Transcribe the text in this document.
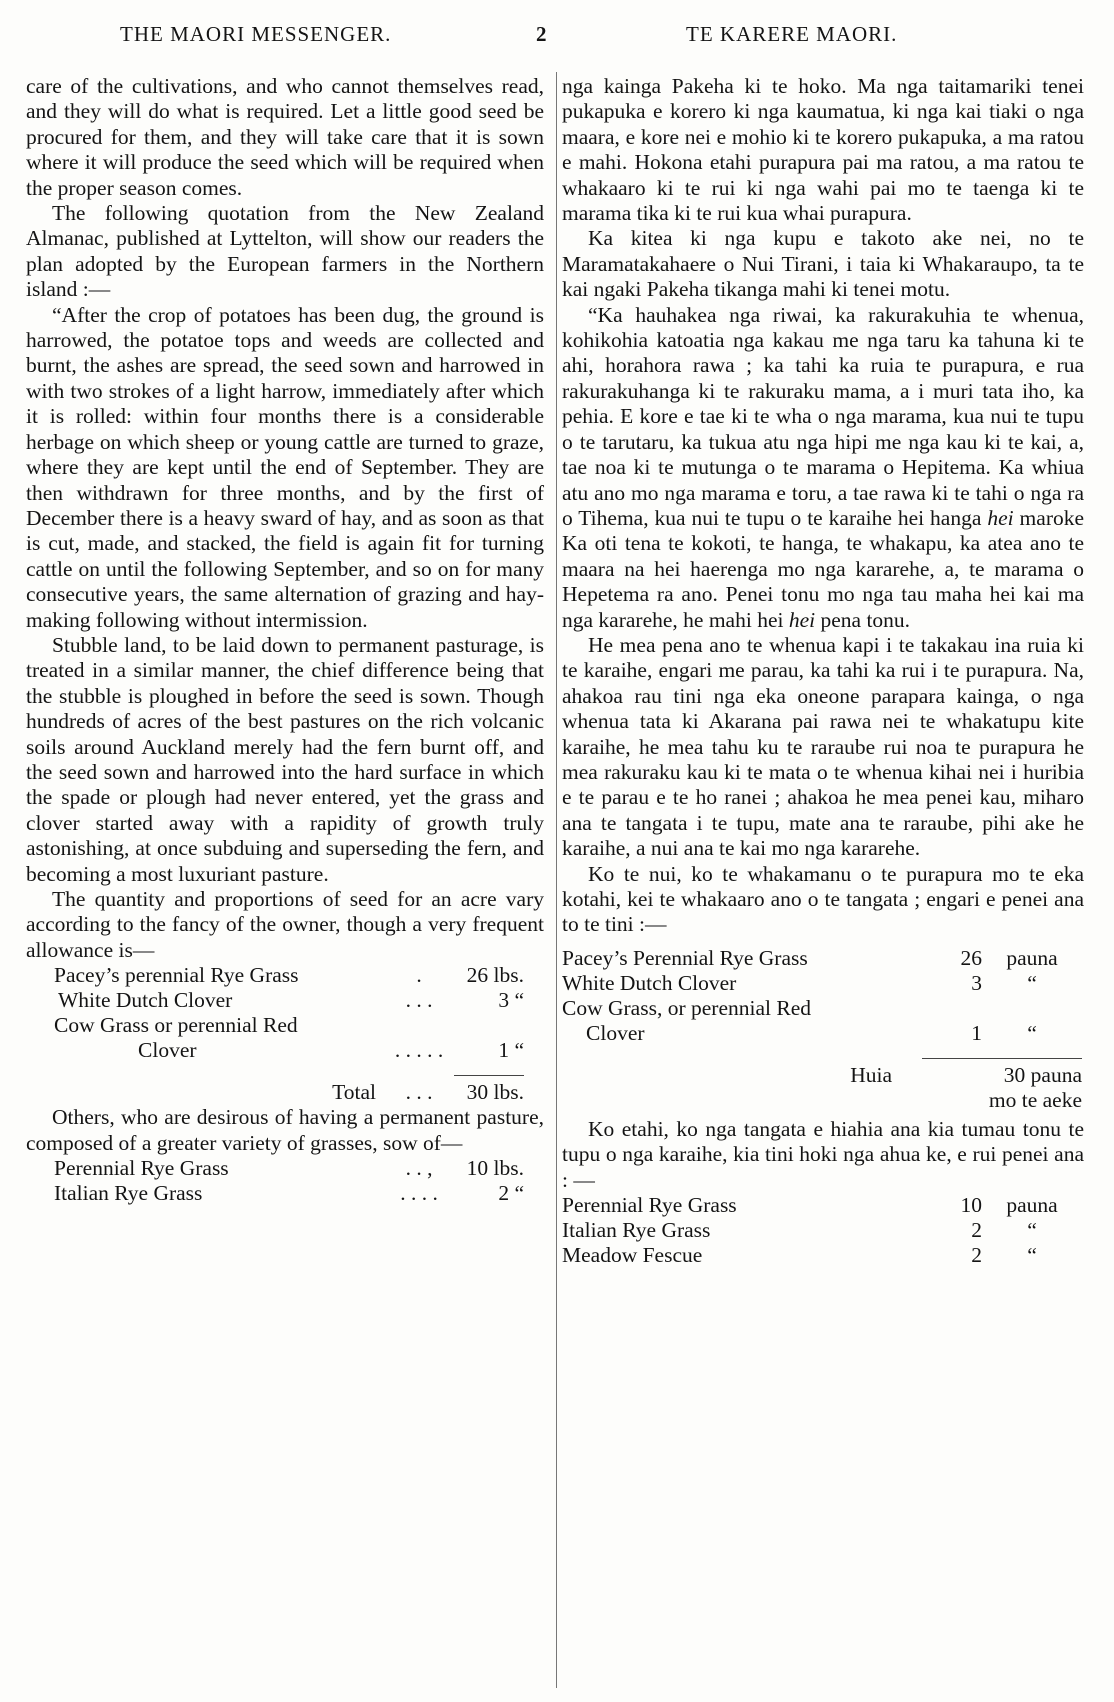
THE MAORI MESSENGER.	2	TE KARERE MAORI.

care of the cultivations, and who cannot themselves read, and they will do what is required. Let a little good seed be procured for them, and they will take care that it is sown where it will produce the seed which will be required when the proper season comes.

The following quotation from the New Zealand Almanac, published at Lyttelton, will show our readers the plan adopted by the European farmers in the Northern island :—

“After the crop of potatoes has been dug, the ground is harrowed, the potatoe tops and weeds are collected and burnt, the ashes are spread, the seed sown and harrowed in with two strokes of a light harrow, immediately after which it is rolled: within four months there is a considerable herbage on which sheep or young cattle are turned to graze, where they are kept until the end of September. They are then withdrawn for three months, and by the first of December there is a heavy sward of hay, and as soon as that is cut, made, and stacked, the field is again fit for turning cattle on until the following September, and so on for many consecutive years, the same alternation of grazing and hay-making following without intermission.

Stubble land, to be laid down to permanent pasturage, is treated in a similar manner, the chief difference being that the stubble is ploughed in before the seed is sown. Though hundreds of acres of the best pastures on the rich volcanic soils around Auckland merely had the fern burnt off, and the seed sown and harrowed into the hard surface in which the spade or plough had never entered, yet the grass and clover started away with a rapidity of growth truly astonishing, at once subduing and superseding the fern, and becoming a most luxuriant pasture.

The quantity and proportions of seed for an acre vary according to the fancy of the owner, though a very frequent allowance is—

Pacey’s perennial Rye Grass	.	26 lbs.
White Dutch Clover	. . .	3 “
Cow Grass or perennial Red		
Clover	. . . . .	1 “

Total	. . .	30 lbs.

Others, who are desirous of having a permanent pasture, composed of a greater variety of grasses, sow of—

Perennial Rye Grass	. . ,	10 lbs.
Italian Rye Grass	. . . .	2 “

nga kainga Pakeha ki te hoko. Ma nga taitamariki tenei pukapuka e korero ki nga kaumatua, ki nga kai tiaki o nga maara, e kore nei e mohio ki te korero pukapuka, a ma ratou e mahi. Hokona etahi purapura pai ma ratou, a ma ratou te whakaaro ki te rui ki nga wahi pai mo te taenga ki te marama tika ki te rui kua whai purapura.

Ka kitea ki nga kupu e takoto ake nei, no te Maramatakahaere o Nui Tirani, i taia ki Whakaraupo, ta te kai ngaki Pakeha tikanga mahi ki tenei motu.

“Ka hauhakea nga riwai, ka rakurakuhia te whenua, kohikohia katoatia nga kakau me nga taru ka tahuna ki te ahi, horahora rawa ; ka tahi ka ruia te purapura, e rua rakurakuhanga ki te rakuraku mama, a i muri tata iho, ka pehia. E kore e tae ki te wha o nga marama, kua nui te tupu o te tarutaru, ka tukua atu nga hipi me nga kau ki te kai, a, tae noa ki te mutunga o te marama o Hepitema. Ka whiua atu ano mo nga marama e toru, a tae rawa ki te tahi o nga ra o Tihema, kua nui te tupu o te karaihe hei hanga hei maroke Ka oti tena te kokoti, te hanga, te whakapu, ka atea ano te maara na hei haerenga mo nga kararehe, a, te marama o Hepetema ra ano. Penei tonu mo nga tau maha hei kai ma nga kararehe, he mahi hei hei pena tonu.

He mea pena ano te whenua kapi i te takakau ina ruia ki te karaihe, engari me parau, ka tahi ka rui i te purapura. Na, ahakoa rau tini nga eka oneone parapara kainga, o nga whenua tata ki Akarana pai rawa nei te whakatupu kite karaihe, he mea tahu ku te raraube rui noa te purapura he mea rakuraku kau ki te mata o te whenua kihai nei i huribia e te parau e te ho ranei ; ahakoa he mea penei kau, miharo ana te tangata i te tupu, mate ana te raraube, pihi ake he karaihe, a nui ana te kai mo nga kararehe.

Ko te nui, ko te whakamanu o te purapura mo te eka kotahi, kei te whakaaro ano o te tangata ; engari e penei ana to te tini :—

Pacey’s Perennial Rye Grass	26	pauna
White Dutch Clover	3	“
Cow Grass, or perennial Red		
Clover	1	“

Huia	30 pauna	
	mo te aeke	

Ko etahi, ko nga tangata e hiahia ana kia tumau tonu te tupu o nga karaihe, kia tini hoki nga ahua ke, e rui penei ana : —

Perennial Rye Grass	10	pauna
Italian Rye Grass	2	“
Meadow Fescue	2	“
